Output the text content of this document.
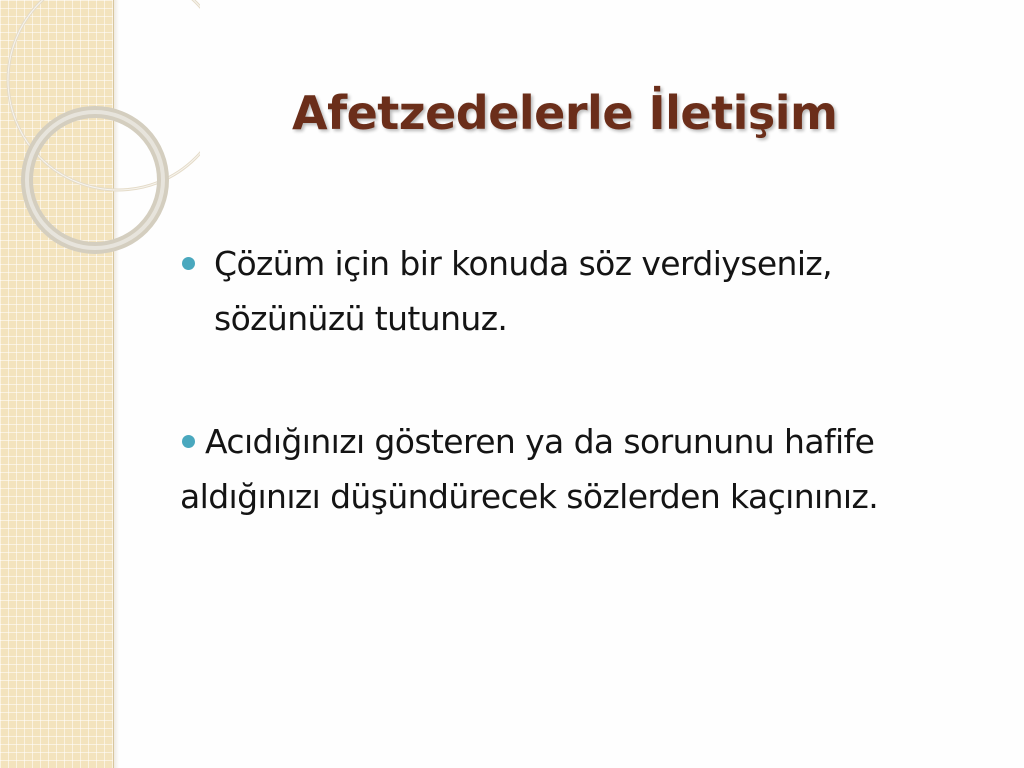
Afetzedelerle İletişim

Çözüm için bir konuda söz verdiyseniz,
sözünüzü tutunuz.

Acıdığınızı gösteren ya da sorununu hafife
aldığınızı düşündürecek sözlerden kaçınınız.
